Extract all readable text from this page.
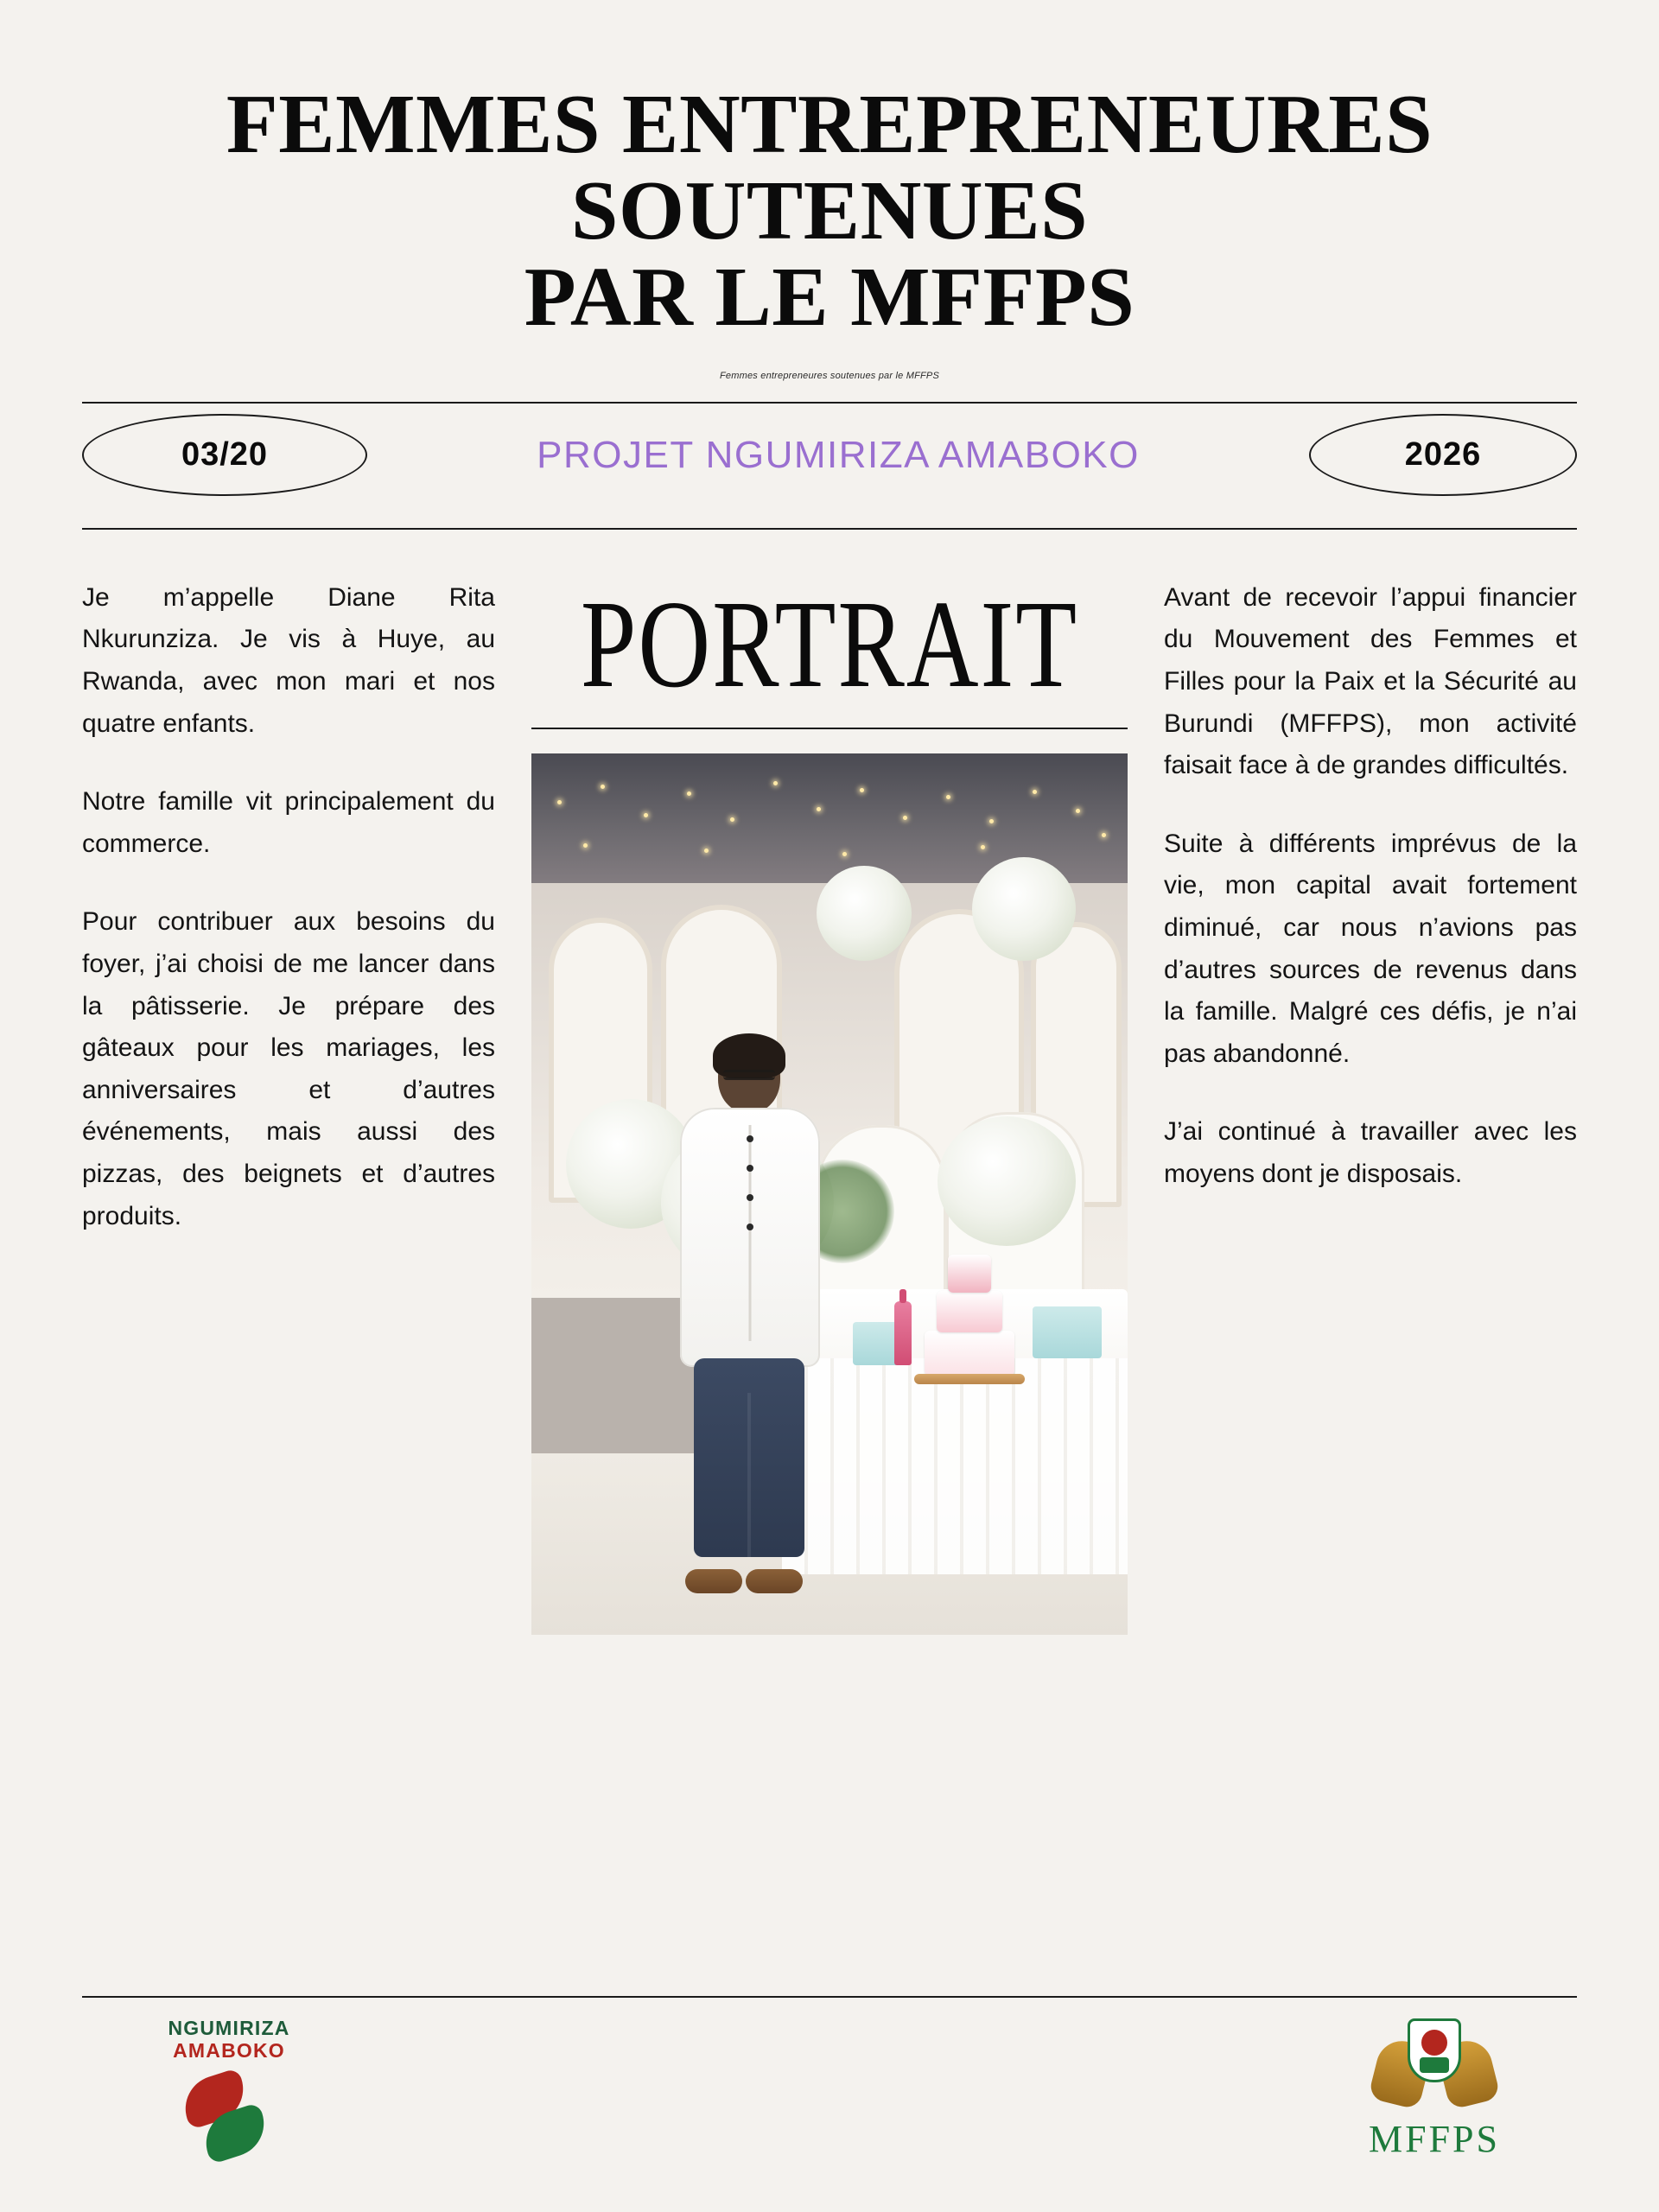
FEMMES ENTREPRENEURES
SOUTENUES
PAR LE MFFPS
Femmes entrepreneures soutenues par le MFFPS
03/20	PROJET NGUMIRIZA AMABOKO	2026

Je m’appelle Diane Rita Nkurunziza. Je vis à Huye, au Rwanda, avec mon mari et nos quatre enfants.

Notre famille vit principalement du commerce.

Pour contribuer aux besoins du foyer, j’ai choisi de me lancer dans la pâtisserie. Je prépare des gâteaux pour les mariages, les anniversaires et d’autres événements, mais aussi des pizzas, des beignets et d’autres produits.

PORTRAIT	Avant de recevoir l’appui financier du Mouvement des Femmes et Filles pour la Paix et la Sécurité au Burundi (MFFPS), mon activité faisait face à de grandes difficultés.

Suite à différents imprévus de la vie, mon capital avait fortement diminué, car nous n’avions pas d’autres sources de revenus dans la famille. Malgré ces défis, je n’ai pas abandonné.

J’ai continué à travailler avec les moyens dont je disposais.

NGUMIRIZA
AMABOKO
MFFPS
